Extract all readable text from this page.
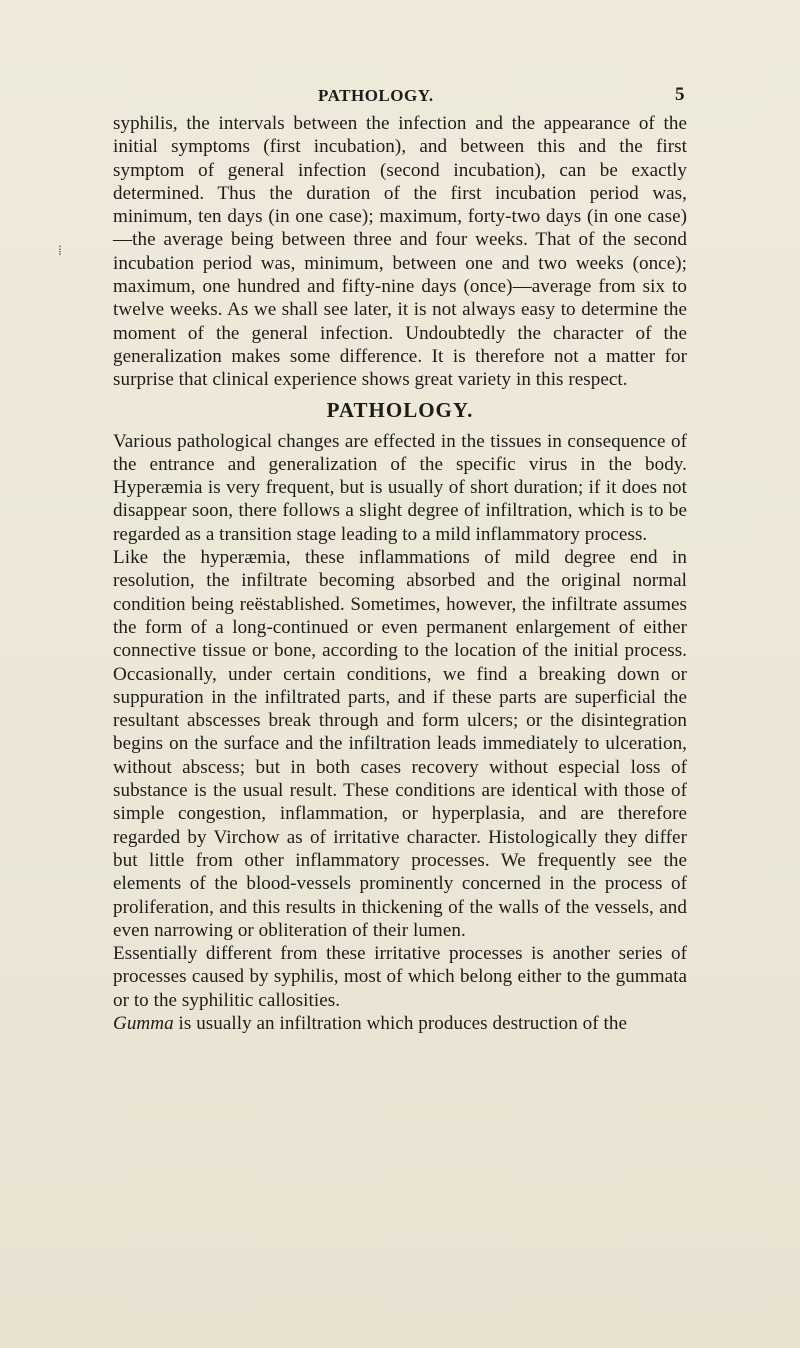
PATHOLOGY.	5
⁞

syphilis, the intervals between the infection and the appearance of the initial symptoms (first incubation), and between this and the first symptom of general infection (second incubation), can be exactly determined. Thus the duration of the first incubation period was, minimum, ten days (in one case); maximum, forty-two days (in one case)—the average being between three and four weeks. That of the second incubation period was, minimum, between one and two weeks (once); maximum, one hundred and fifty-nine days (once)—average from six to twelve weeks. As we shall see later, it is not always easy to determine the moment of the general infection. Undoubtedly the character of the generalization makes some difference. It is therefore not a matter for surprise that clinical experience shows great variety in this respect.

PATHOLOGY.

Various pathological changes are effected in the tissues in consequence of the entrance and generalization of the specific virus in the body. Hyperæmia is very frequent, but is usually of short duration; if it does not disappear soon, there follows a slight degree of infiltration, which is to be regarded as a transition stage leading to a mild inflammatory process.

Like the hyperæmia, these inflammations of mild degree end in resolution, the infiltrate becoming absorbed and the original normal condition being reëstablished. Sometimes, however, the infiltrate assumes the form of a long-continued or even permanent enlargement of either connective tissue or bone, according to the location of the initial process. Occasionally, under certain conditions, we find a breaking down or suppuration in the infiltrated parts, and if these parts are superficial the resultant abscesses break through and form ulcers; or the disintegration begins on the surface and the infiltration leads immediately to ulceration, without abscess; but in both cases recovery without especial loss of substance is the usual result. These conditions are identical with those of simple congestion, inflammation, or hyperplasia, and are therefore regarded by Virchow as of irritative character. Histologically they differ but little from other inflammatory processes. We frequently see the elements of the blood-vessels prominently concerned in the process of proliferation, and this results in thickening of the walls of the vessels, and even narrowing or obliteration of their lumen.

Essentially different from these irritative processes is another series of processes caused by syphilis, most of which belong either to the gummata or to the syphilitic callosities.

Gumma is usually an infiltration which produces destruction of the
